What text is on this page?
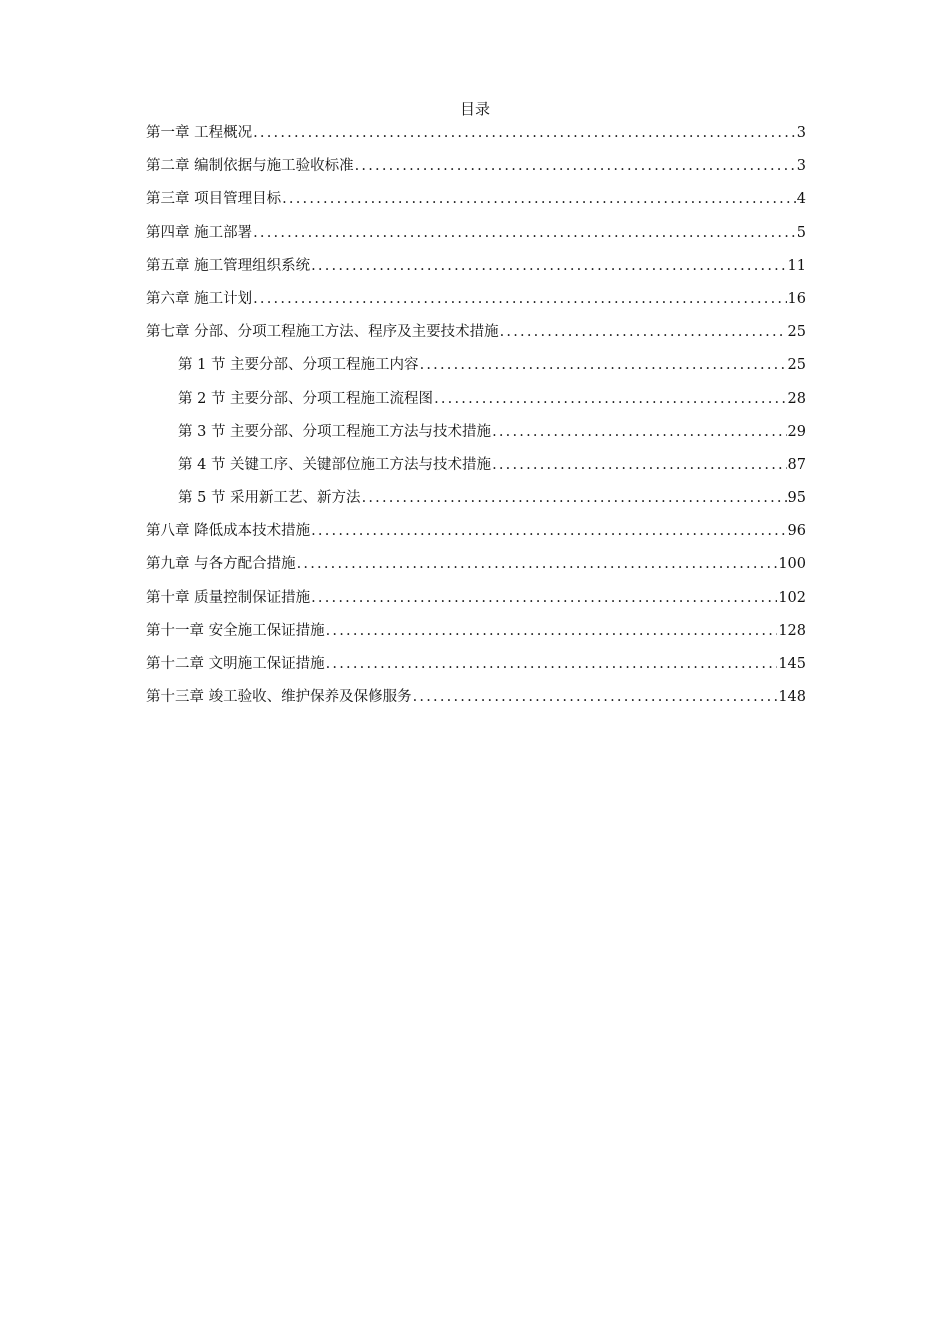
目录
第一章 工程概况 .....	3
第二章 编制依据与施工验收标准 .....	3
第三章 项目管理目标 .....	4
第四章 施工部署 .....	5
第五章 施工管理组织系统 .....	11
第六章 施工计划 .....	16
第七章 分部、分项工程施工方法、程序及主要技术措施 .....	25
第 1 节 主要分部、分项工程施工内容 .....	25
第 2 节 主要分部、分项工程施工流程图 .....	28
第 3 节 主要分部、分项工程施工方法与技术措施 .....	29
第 4 节 关键工序、关键部位施工方法与技术措施 .....	87
第 5 节 采用新工艺、新方法 .....	95
第八章 降低成本技术措施 .....	96
第九章 与各方配合措施 .....	100
第十章 质量控制保证措施 .....	102
第十一章 安全施工保证措施 .....	128
第十二章 文明施工保证措施 .....	145
第十三章 竣工验收、维护保养及保修服务 .....	148
